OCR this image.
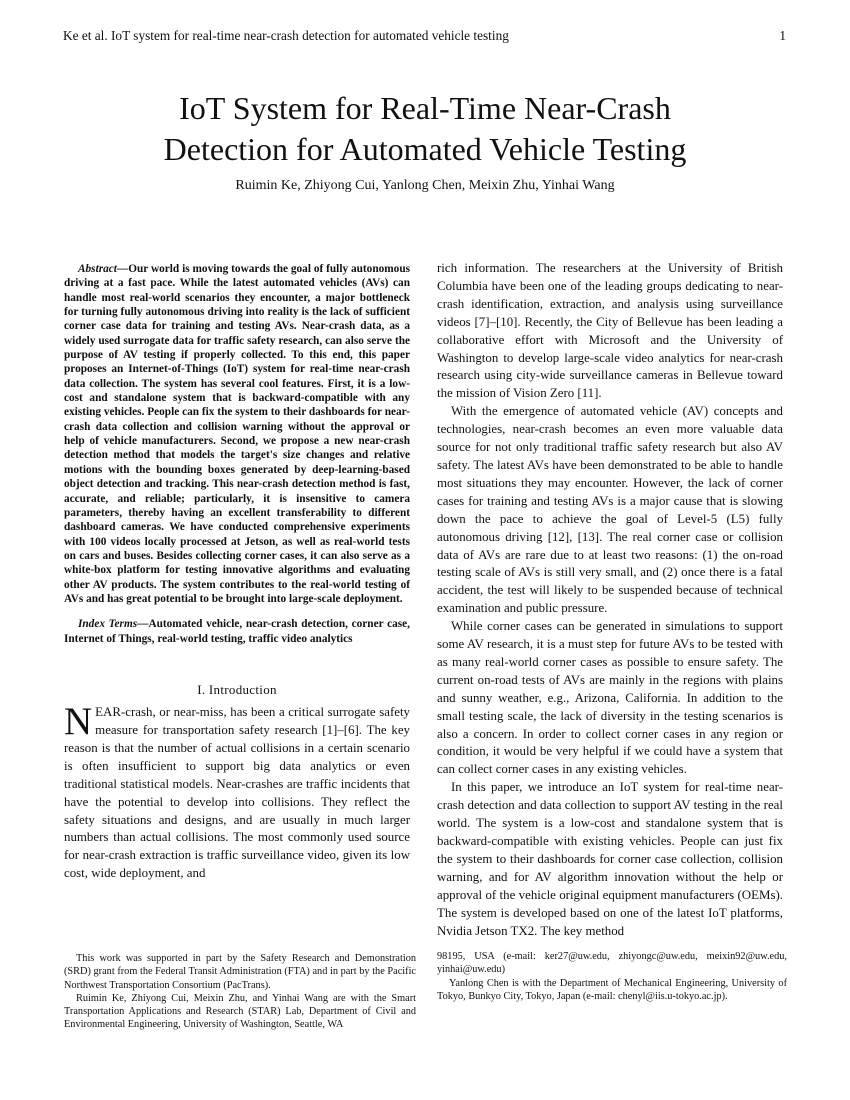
Ke et al. IoT system for real-time near-crash detection for automated vehicle testing	1
IoT System for Real-Time Near-Crash
Detection for Automated Vehicle Testing
Ruimin Ke, Zhiyong Cui, Yanlong Chen, Meixin Zhu, Yinhai Wang

Abstract—Our world is moving towards the goal of fully autonomous driving at a fast pace. While the latest automated vehicles (AVs) can handle most real-world scenarios they encounter, a major bottleneck for turning fully autonomous driving into reality is the lack of sufficient corner case data for training and testing AVs. Near-crash data, as a widely used surrogate data for traffic safety research, can also serve the purpose of AV testing if properly collected. To this end, this paper proposes an Internet-of-Things (IoT) system for real-time near-crash data collection. The system has several cool features. First, it is a low-cost and standalone system that is backward-compatible with any existing vehicles. People can fix the system to their dashboards for near-crash data collection and collision warning without the approval or help of vehicle manufacturers. Second, we propose a new near-crash detection method that models the target's size changes and relative motions with the bounding boxes generated by deep-learning-based object detection and tracking. This near-crash detection method is fast, accurate, and reliable; particularly, it is insensitive to camera parameters, thereby having an excellent transferability to different dashboard cameras. We have conducted comprehensive experiments with 100 videos locally processed at Jetson, as well as real-world tests on cars and buses. Besides collecting corner cases, it can also serve as a white-box platform for testing innovative algorithms and evaluating other AV products. The system contributes to the real-world testing of AVs and has great potential to be brought into large-scale deployment.

Index Terms—Automated vehicle, near-crash detection, corner case, Internet of Things, real-world testing, traffic video analytics

I. Introduction

NEAR-crash, or near-miss, has been a critical surrogate safety measure for transportation safety research [1]–[6]. The key reason is that the number of actual collisions in a certain scenario is often insufficient to support big data analytics or even traditional statistical models. Near-crashes are traffic incidents that have the potential to develop into collisions. They reflect the safety situations and designs, and are usually in much larger numbers than actual collisions. The most commonly used source for near-crash extraction is traffic surveillance video, given its low cost, wide deployment, and

rich information. The researchers at the University of British Columbia have been one of the leading groups dedicating to near-crash identification, extraction, and analysis using surveillance videos [7]–[10]. Recently, the City of Bellevue has been leading a collaborative effort with Microsoft and the University of Washington to develop large-scale video analytics for near-crash research using city-wide surveillance cameras in Bellevue toward the mission of Vision Zero [11].

With the emergence of automated vehicle (AV) concepts and technologies, near-crash becomes an even more valuable data source for not only traditional traffic safety research but also AV safety. The latest AVs have been demonstrated to be able to handle most situations they may encounter. However, the lack of corner cases for training and testing AVs is a major cause that is slowing down the pace to achieve the goal of Level-5 (L5) fully autonomous driving [12], [13]. The real corner case or collision data of AVs are rare due to at least two reasons: (1) the on-road testing scale of AVs is still very small, and (2) once there is a fatal accident, the test will likely to be suspended because of technical examination and public pressure.

While corner cases can be generated in simulations to support some AV research, it is a must step for future AVs to be tested with as many real-world corner cases as possible to ensure safety. The current on-road tests of AVs are mainly in the regions with plains and sunny weather, e.g., Arizona, California. In addition to the small testing scale, the lack of diversity in the testing scenarios is also a concern. In order to collect corner cases in any region or condition, it would be very helpful if we could have a system that can collect corner cases in any existing vehicles.

In this paper, we introduce an IoT system for real-time near-crash detection and data collection to support AV testing in the real world. The system is a low-cost and standalone system that is backward-compatible with existing vehicles. People can just fix the system to their dashboards for corner case collection, collision warning, and for AV algorithm innovation without the help or approval of the vehicle original equipment manufacturers (OEMs). The system is developed based on one of the latest IoT platforms, Nvidia Jetson TX2. The key method

This work was supported in part by the Safety Research and Demonstration (SRD) grant from the Federal Transit Administration (FTA) and in part by the Pacific Northwest Transportation Consortium (PacTrans).

Ruimin Ke, Zhiyong Cui, Meixin Zhu, and Yinhai Wang are with the Smart Transportation Applications and Research (STAR) Lab, Department of Civil and Environmental Engineering, University of Washington, Seattle, WA

98195, USA (e-mail: ker27@uw.edu, zhiyongc@uw.edu, meixin92@uw.edu, yinhai@uw.edu)

Yanlong Chen is with the Department of Mechanical Engineering, University of Tokyo, Bunkyo City, Tokyo, Japan (e-mail: chenyl@iis.u-tokyo.ac.jp).
